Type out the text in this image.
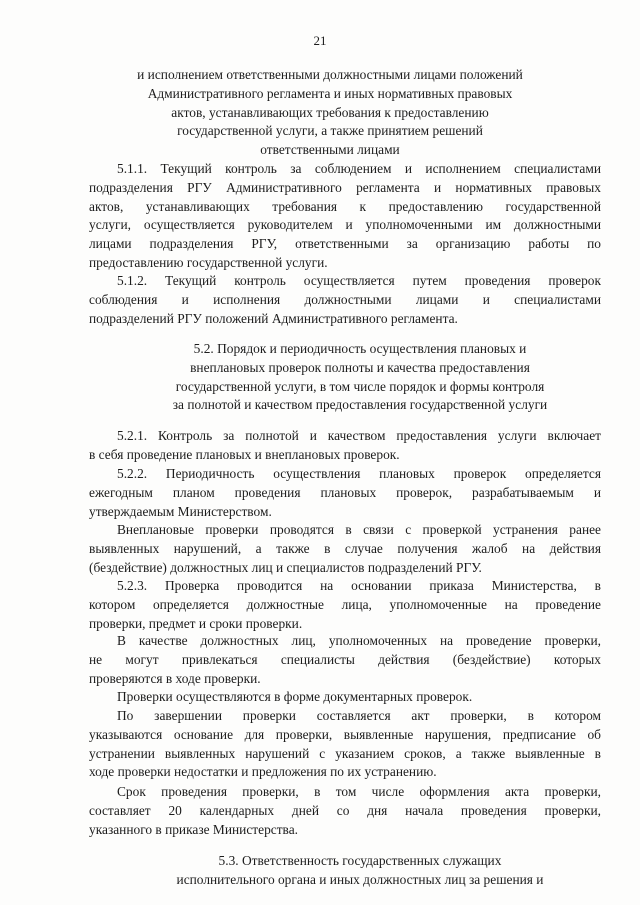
21
и исполнением ответственными должностными лицами положений
Административного регламента и иных нормативных правовых
актов, устанавливающих требования к предоставлению
государственной услуги, а также принятием решений
ответственными лицами
5.1.1. Текущий контроль за соблюдением и исполнением специалистами
подразделения РГУ Административного регламента и нормативных правовых
актов, устанавливающих требования к предоставлению государственной
услуги, осуществляется руководителем и уполномоченными им должностными
лицами подразделения РГУ, ответственными за организацию работы по
предоставлению государственной услуги.
5.1.2. Текущий контроль осуществляется путем проведения проверок
соблюдения и исполнения должностными лицами и специалистами
подразделений РГУ положений Административного регламента.
5.2. Порядок и периодичность осуществления плановых и
внеплановых проверок полноты и качества предоставления
государственной услуги, в том числе порядок и формы контроля
за полнотой и качеством предоставления государственной услуги
5.2.1. Контроль за полнотой и качеством предоставления услуги включает
в себя проведение плановых и внеплановых проверок.
5.2.2. Периодичность осуществления плановых проверок определяется
ежегодным планом проведения плановых проверок, разрабатываемым и
утверждаемым Министерством.
Внеплановые проверки проводятся в связи с проверкой устранения ранее
выявленных нарушений, а также в случае получения жалоб на действия
(бездействие) должностных лиц и специалистов подразделений РГУ.
5.2.3. Проверка проводится на основании приказа Министерства, в
котором определяется должностные лица, уполномоченные на проведение
проверки, предмет и сроки проверки.
В качестве должностных лиц, уполномоченных на проведение проверки,
не могут привлекаться специалисты действия (бездействие) которых
проверяются в ходе проверки.
Проверки осуществляются в форме документарных проверок.
По завершении проверки составляется акт проверки, в котором
указываются основание для проверки, выявленные нарушения, предписание об
устранении выявленных нарушений с указанием сроков, а также выявленные в
ходе проверки недостатки и предложения по их устранению.
Срок проведения проверки, в том числе оформления акта проверки,
составляет 20 календарных дней со дня начала проведения проверки,
указанного в приказе Министерства.
5.3. Ответственность государственных служащих
исполнительного органа и иных должностных лиц за решения и
